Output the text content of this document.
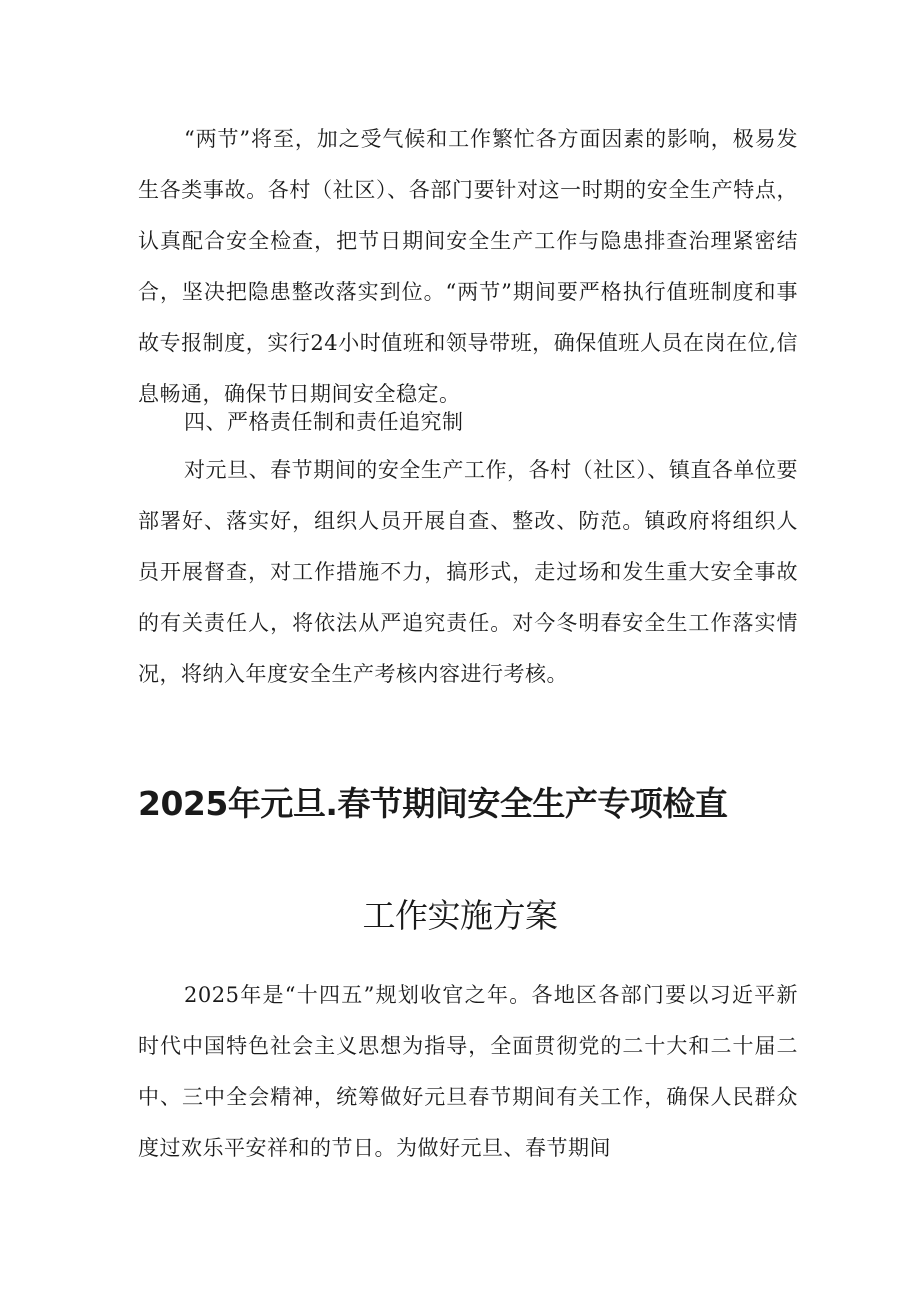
“两节”将至，加之受气候和工作繁忙各方面因素的影响，极易发生各类事故。各村（社区）、各部门要针对这一时期的安全生产特点，认真配合安全检查，把节日期间安全生产工作与隐患排查治理紧密结合，坚决把隐患整改落实到位。“两节”期间要严格执行值班制度和事故专报制度，实行24小时值班和领导带班，确保值班人员在岗在位,信息畅通，确保节日期间安全稳定。

四、严格责任制和责任追究制

对元旦、春节期间的安全生产工作，各村（社区）、镇直各单位要部署好、落实好，组织人员开展自查、整改、防范。镇政府将组织人员开展督查，对工作措施不力，搞形式，走过场和发生重大安全事故的有关责任人，将依法从严追究责任。对今冬明春安全生工作落实情况，将纳入年度安全生产考核内容进行考核。

2025年元旦.春节期间安全生产专项检直
工作实施方案

2025年是“十四五”规划收官之年。各地区各部门要以习近平新时代中国特色社会主义思想为指导，全面贯彻党的二十大和二十届二中、三中全会精神，统筹做好元旦春节期间有关工作，确保人民群众度过欢乐平安祥和的节日。为做好元旦、春节期间
